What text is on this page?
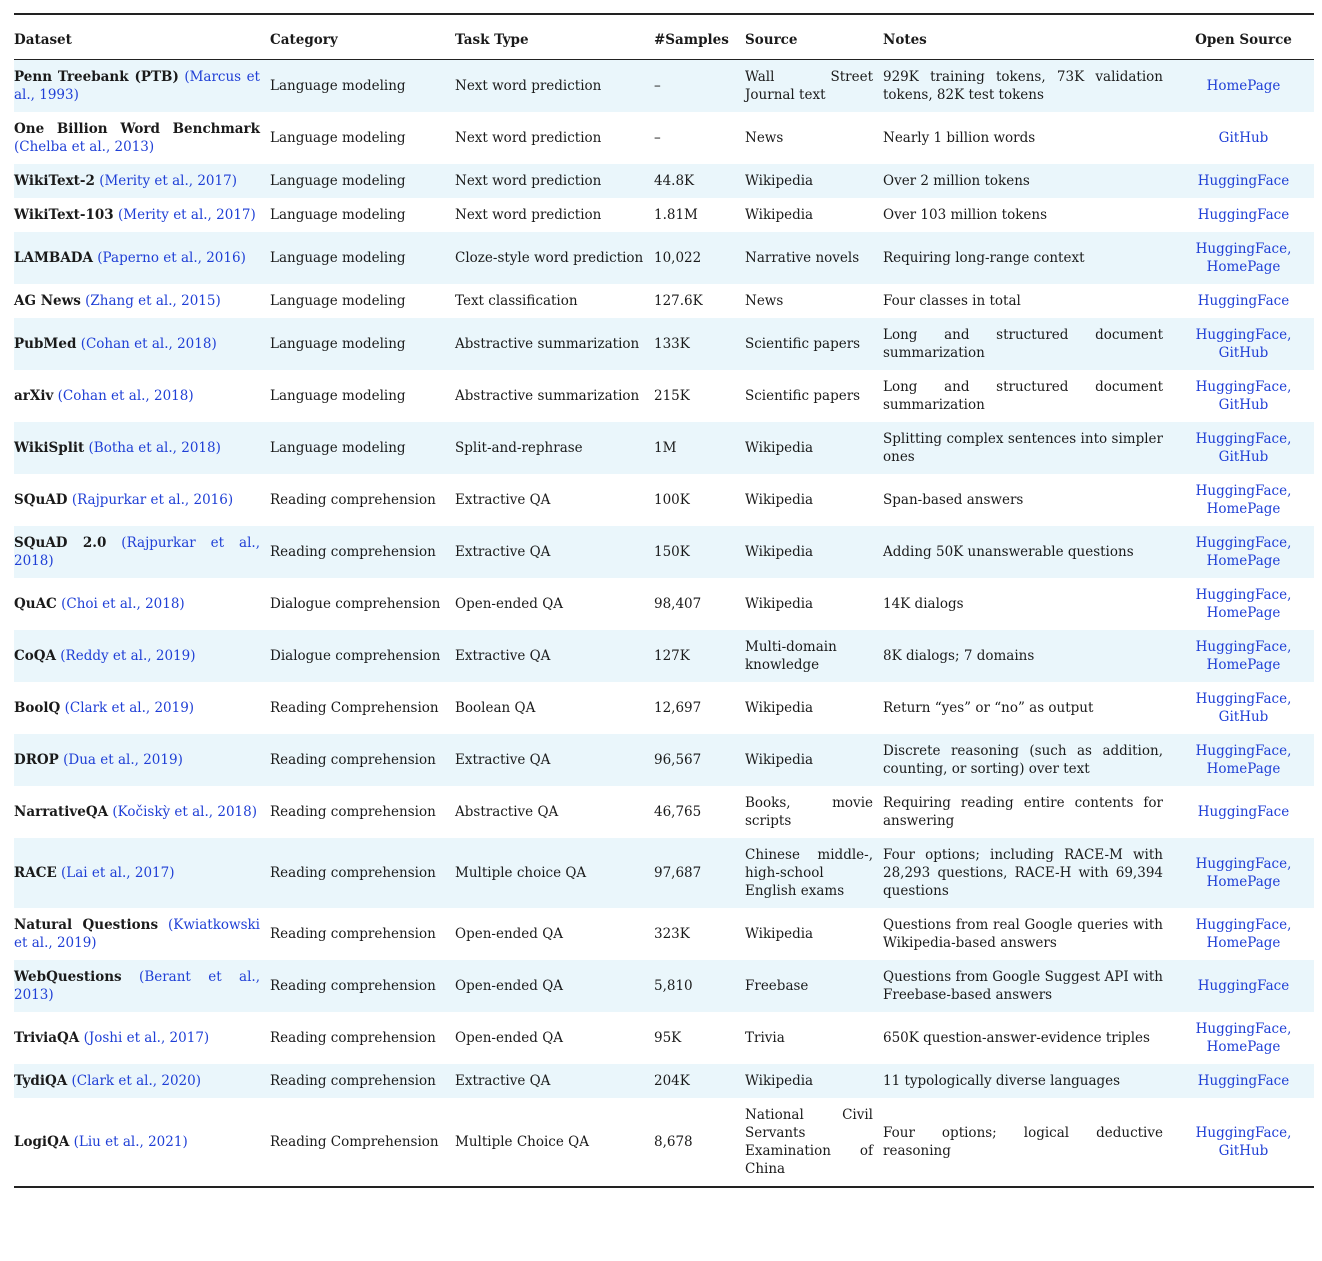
Dataset	Category	Task Type	#Samples	Source	Notes	Open Source

Penn Treebank (PTB) (Marcus et al., 1993)	Language modeling	Next word prediction	–	Wall Street Journal text	929K training tokens, 73K validation tokens, 82K test tokens	HomePage

One Billion Word Benchmark (Chelba et al., 2013)	Language modeling	Next word prediction	–	News	Nearly 1 billion words	GitHub

WikiText-2 (Merity et al., 2017)	Language modeling	Next word prediction	44.8K	Wikipedia	Over 2 million tokens	HuggingFace

WikiText-103 (Merity et al., 2017)	Language modeling	Next word prediction	1.81M	Wikipedia	Over 103 million tokens	HuggingFace

LAMBADA (Paperno et al., 2016)	Language modeling	Cloze-style word prediction	10,022	Narrative novels	Requiring long-range context	HuggingFace,
HomePage

AG News (Zhang et al., 2015)	Language modeling	Text classification	127.6K	News	Four classes in total	HuggingFace

PubMed (Cohan et al., 2018)	Language modeling	Abstractive summarization	133K	Scientific papers	Long and structured document summarization	HuggingFace,
GitHub

arXiv (Cohan et al., 2018)	Language modeling	Abstractive summarization	215K	Scientific papers	Long and structured document summarization	HuggingFace,
GitHub

WikiSplit (Botha et al., 2018)	Language modeling	Split-and-rephrase	1M	Wikipedia	Splitting complex sentences into simpler ones	HuggingFace,
GitHub

SQuAD (Rajpurkar et al., 2016)	Reading comprehension	Extractive QA	100K	Wikipedia	Span-based answers	HuggingFace,
HomePage

SQuAD 2.0 (Rajpurkar et al., 2018)	Reading comprehension	Extractive QA	150K	Wikipedia	Adding 50K unanswerable questions	HuggingFace,
HomePage

QuAC (Choi et al., 2018)	Dialogue comprehension	Open-ended QA	98,407	Wikipedia	14K dialogs	HuggingFace,
HomePage

CoQA (Reddy et al., 2019)	Dialogue comprehension	Extractive QA	127K	Multi-domain knowledge	8K dialogs; 7 domains	HuggingFace,
HomePage

BoolQ (Clark et al., 2019)	Reading Comprehension	Boolean QA	12,697	Wikipedia	Return “yes” or “no” as output	HuggingFace,
GitHub

DROP (Dua et al., 2019)	Reading comprehension	Extractive QA	96,567	Wikipedia	Discrete reasoning (such as addition, counting, or sorting) over text	HuggingFace,
HomePage

NarrativeQA (Kočiskỳ et al., 2018)	Reading comprehension	Abstractive QA	46,765	Books, movie scripts	Requiring reading entire contents for answering	HuggingFace

RACE (Lai et al., 2017)	Reading comprehension	Multiple choice QA	97,687	Chinese middle-, high-school English exams	Four options; including RACE-M with 28,293 questions, RACE-H with 69,394 questions	HuggingFace,
HomePage

Natural Questions (Kwiatkowski et al., 2019)	Reading comprehension	Open-ended QA	323K	Wikipedia	Questions from real Google queries with Wikipedia-based answers	HuggingFace,
HomePage

WebQuestions (Berant et al., 2013)	Reading comprehension	Open-ended QA	5,810	Freebase	Questions from Google Suggest API with Freebase-based answers	HuggingFace

TriviaQA (Joshi et al., 2017)	Reading comprehension	Open-ended QA	95K	Trivia	650K question-answer-evidence triples	HuggingFace,
HomePage

TydiQA (Clark et al., 2020)	Reading comprehension	Extractive QA	204K	Wikipedia	11 typologically diverse languages	HuggingFace

LogiQA (Liu et al., 2021)	Reading Comprehension	Multiple Choice QA	8,678	National Civil Servants Examination of China	Four options; logical deductive reasoning	HuggingFace,
GitHub
